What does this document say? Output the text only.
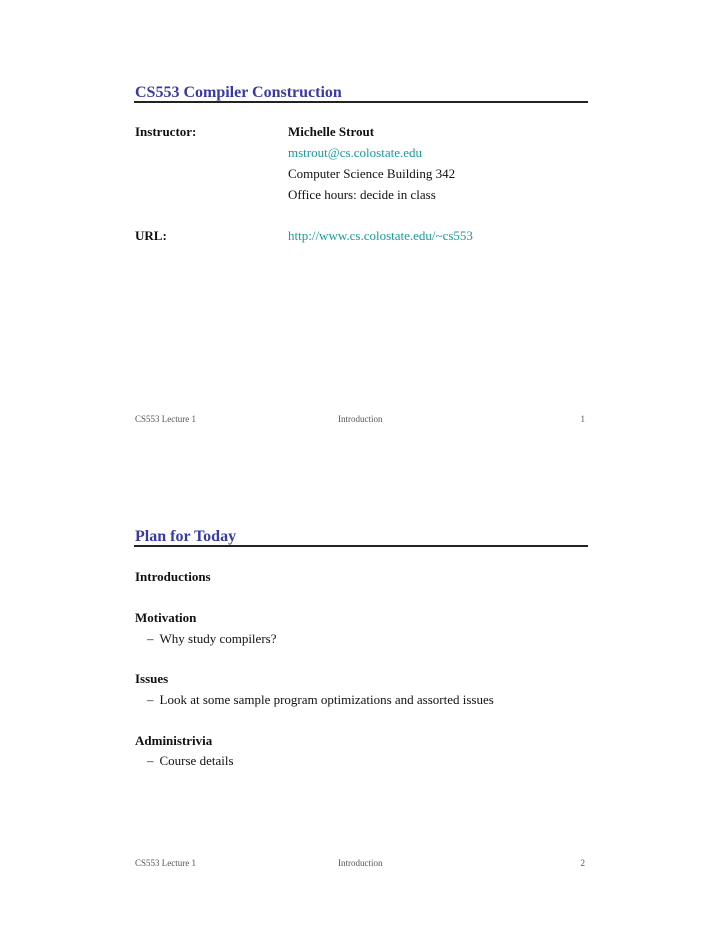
CS553 Compiler Construction
Instructor:	Michelle Strout
mstrout@cs.colostate.edu
Computer Science Building 342
Office hours: decide in class
URL:	http://www.cs.colostate.edu/~cs553
CS553 Lecture 1	Introduction	1
Plan for Today
Introductions
Motivation
– Why study compilers?
Issues
– Look at some sample program optimizations and assorted issues
Administrivia
– Course details
CS553 Lecture 1	Introduction	2
